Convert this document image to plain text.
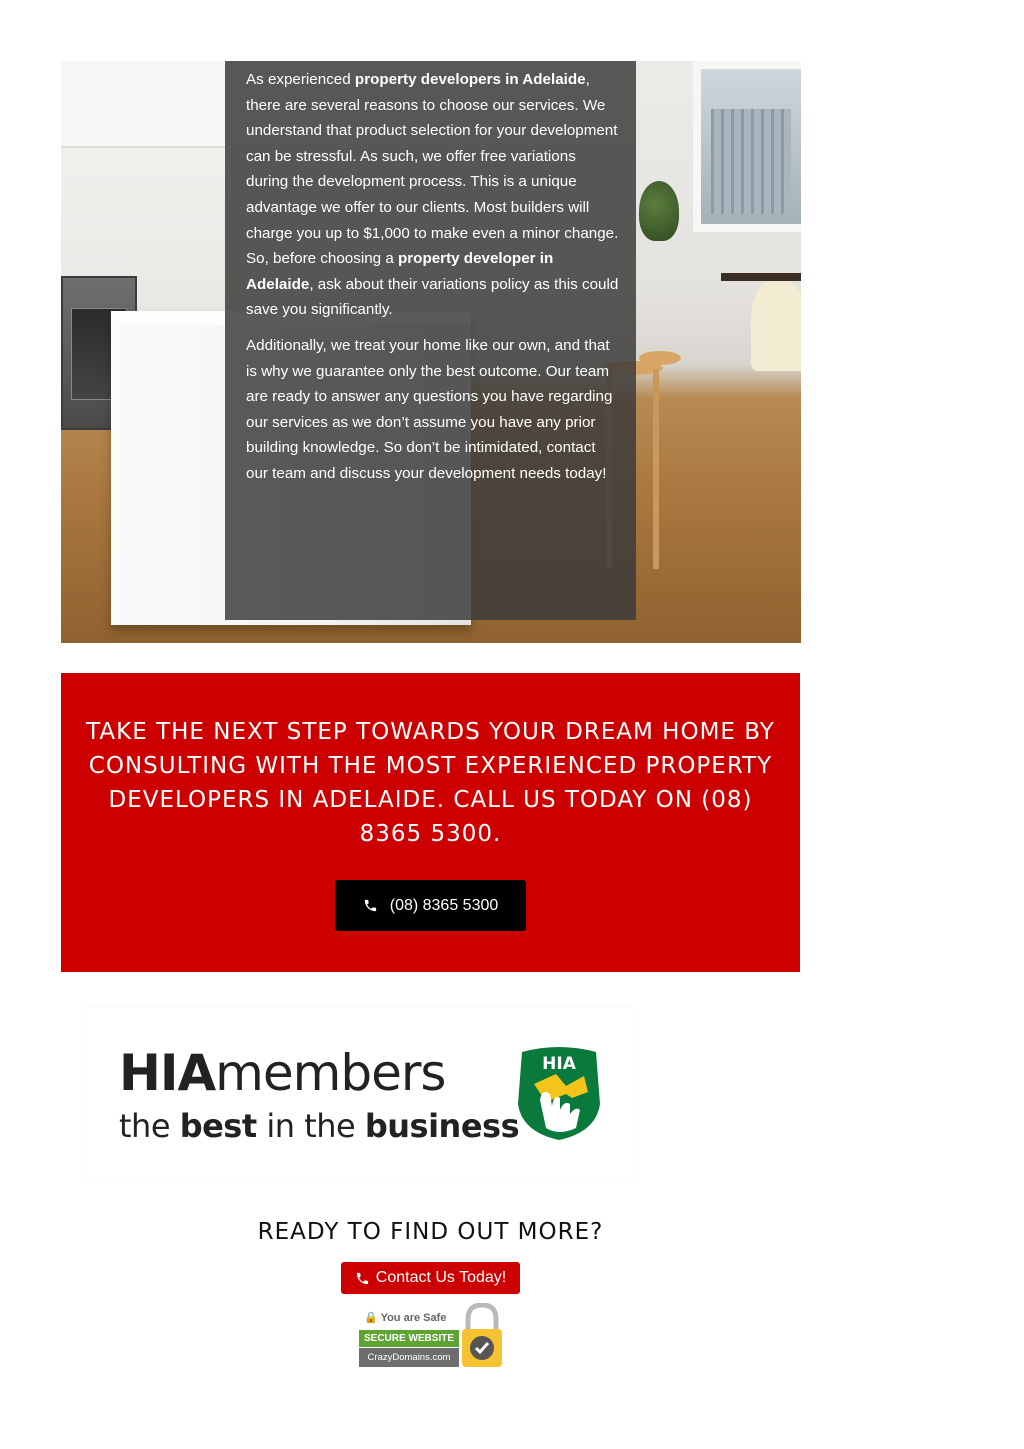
As experienced property developers in Adelaide, there are several reasons to choose our services. We understand that product selection for your development can be stressful. As such, we offer free variations during the development process. This is a unique advantage we offer to our clients. Most builders will charge you up to $1,000 to make even a minor change. So, before choosing a property developer in Adelaide, ask about their variations policy as this could save you significantly.

Additionally, we treat your home like our own, and that is why we guarantee only the best outcome. Our team are ready to answer any questions you have regarding our services as we don’t assume you have any prior building knowledge. So don’t be intimidated, contact our team and discuss your development needs today!

TAKE THE NEXT STEP TOWARDS YOUR DREAM HOME BY CONSULTING WITH THE MOST EXPERIENCED PROPERTY DEVELOPERS IN ADELAIDE. CALL US TODAY ON (08) 8365 5300.
(08) 8365 5300
HIAmembers
the best in the business
HIA
READY TO FIND OUT MORE?
Contact Us Today!
🔒 You are Safe
SECURE WEBSITE
CrazyDomains.com
